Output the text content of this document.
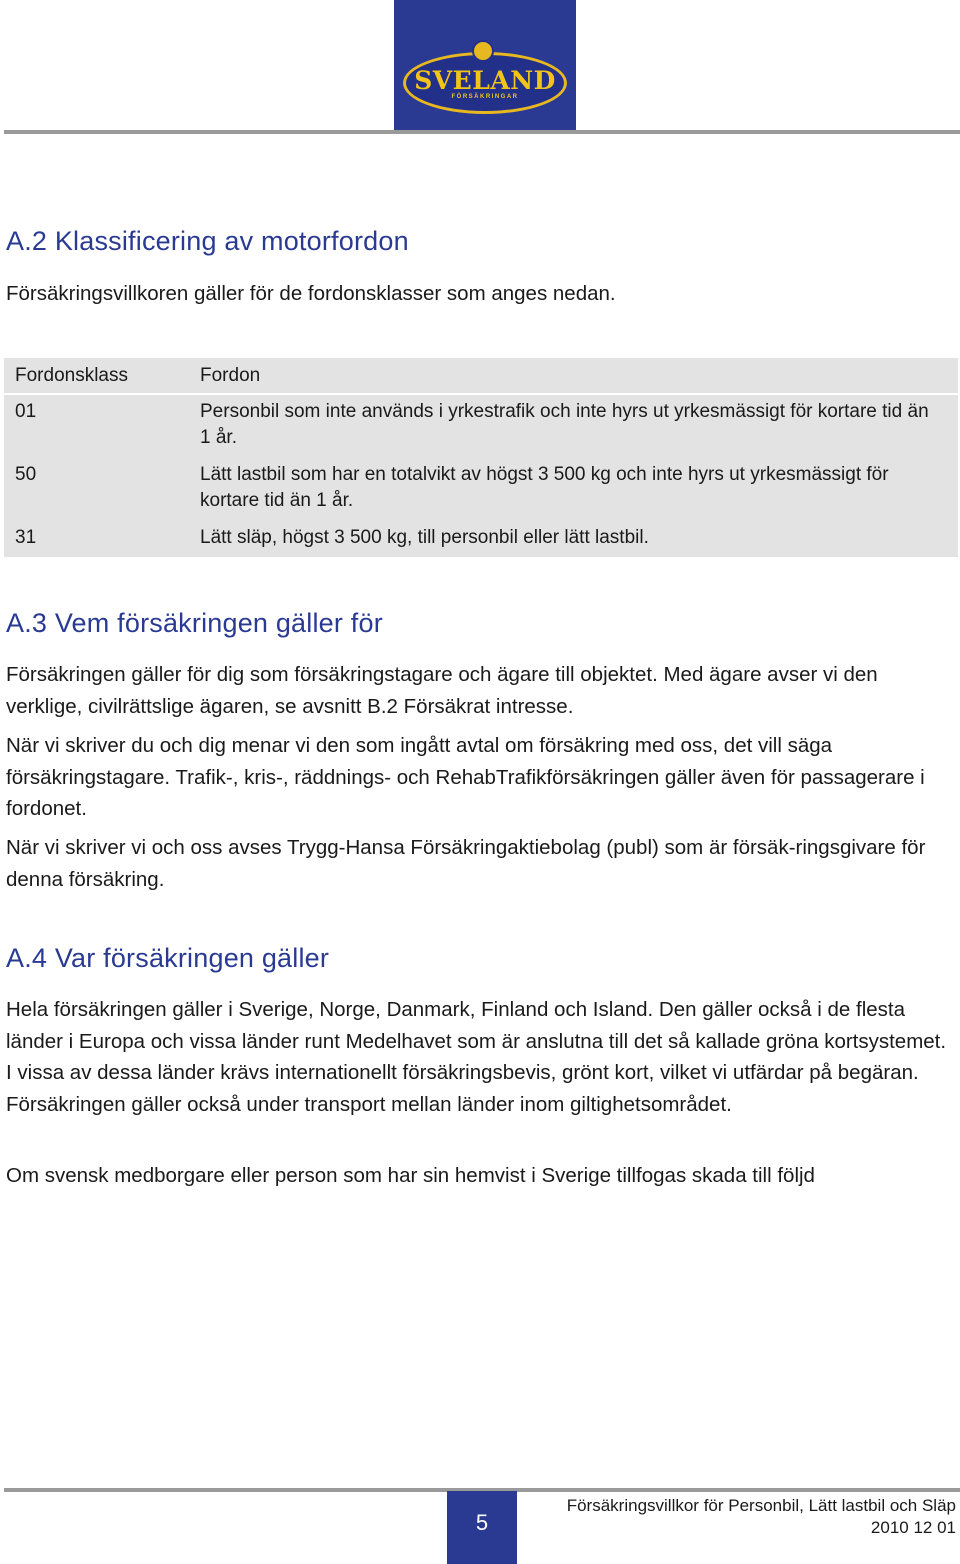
SVELAND
FÖRSÄKRINGAR
A.2 Klassificering av motorfordon

Försäkringsvillkoren gäller för de fordonsklasser som anges nedan.

Fordonsklass	Fordon
01	Personbil som inte används i yrkestrafik och inte hyrs ut yrkesmässigt för kortare tid än 1 år.
50	Lätt lastbil som har en totalvikt av högst 3 500 kg och inte hyrs ut yrkesmässigt för kortare tid än 1 år.
31	Lätt släp, högst 3 500 kg, till personbil eller lätt lastbil.
A.3 Vem försäkringen gäller för

Försäkringen gäller för dig som försäkringstagare och ägare till objektet. Med ägare avser vi den verklige, civilrättslige ägaren, se avsnitt B.2 Försäkrat intresse.

När vi skriver du och dig menar vi den som ingått avtal om försäkring med oss, det vill säga försäkringstagare. Trafik-, kris-, räddnings- och RehabTrafikförsäkringen gäller även för passagerare i fordonet.

När vi skriver vi och oss avses Trygg-Hansa Försäkringaktiebolag (publ) som är försäk-ringsgivare för denna försäkring.

A.4 Var försäkringen gäller

Hela försäkringen gäller i Sverige, Norge, Danmark, Finland och Island. Den gäller också i de flesta länder i Europa och vissa länder runt Medelhavet som är anslutna till det så kallade gröna kortsystemet. I vissa av dessa länder krävs internationellt försäkringsbevis, grönt kort, vilket vi utfärdar på begäran. Försäkringen gäller också under transport mellan länder inom giltighetsområdet.

Om svensk medborgare eller person som har sin hemvist i Sverige tillfogas skada till följd

5
Försäkringsvillkor för Personbil, Lätt lastbil och Släp
2010 12 01
